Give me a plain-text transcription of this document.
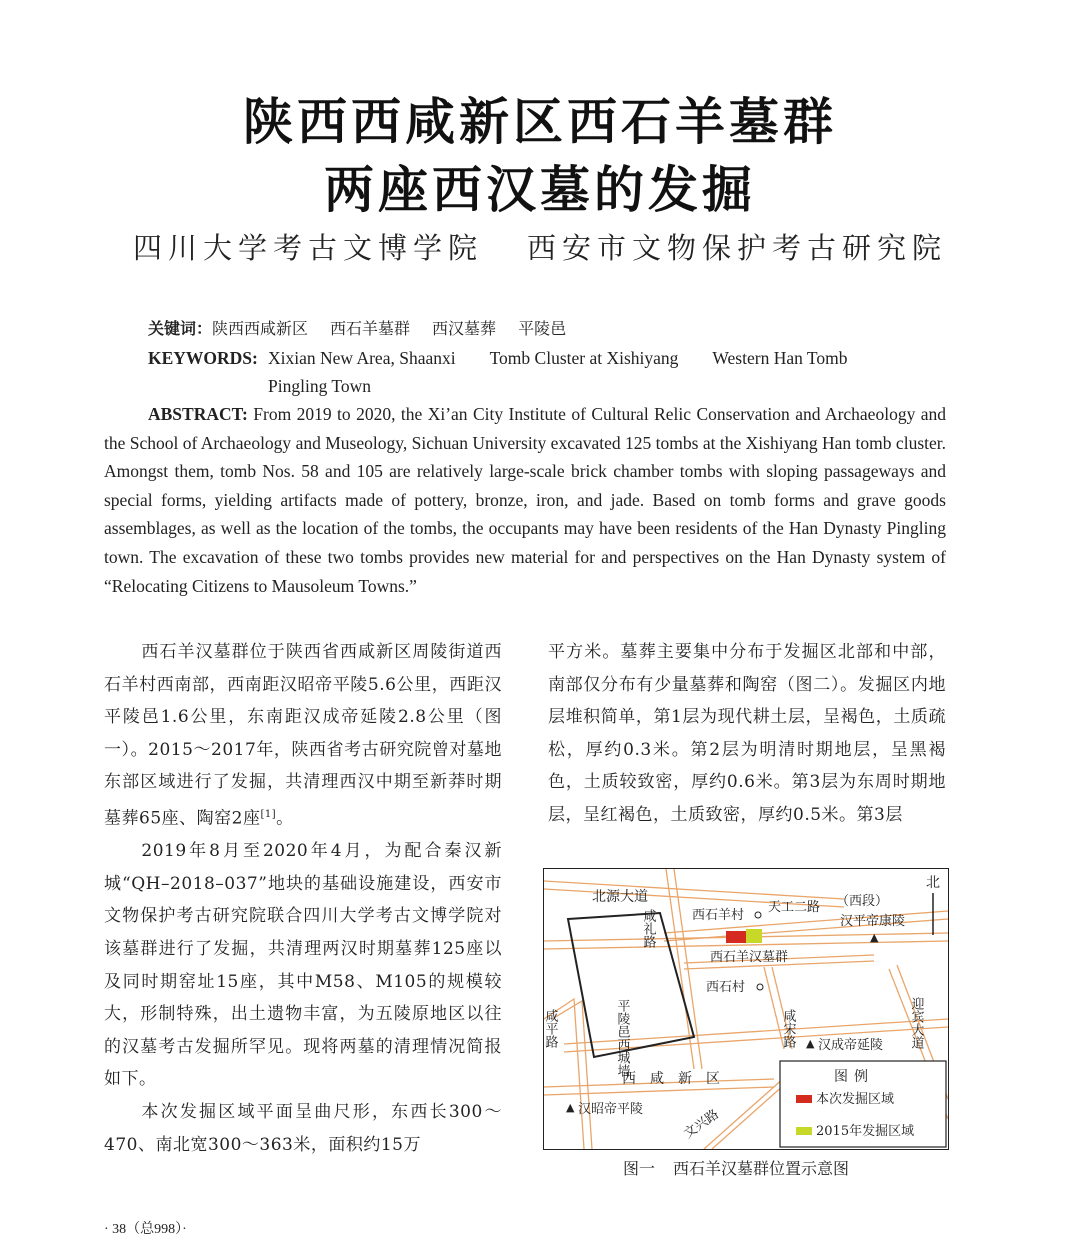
陕西西咸新区西石羊墓群
两座西汉墓的发掘
四川大学考古文博学院 西安市文物保护考古研究院
关键词：陕西西咸新区 西石羊墓群 西汉墓葬 平陵邑
KEYWORDS: Xixian New Area, Shaanxi Tomb Cluster at Xishiyang Western Han TombPingling Town
ABSTRACT: From 2019 to 2020, the Xi’an City Institute of Cultural Relic Conservation and Archaeology and the School of Archaeology and Museology, Sichuan University excavated 125 tombs at the Xishiyang Han tomb cluster. Amongst them, tomb Nos. 58 and 105 are relatively large-scale brick chamber tombs with sloping passageways and special forms, yielding artifacts made of pottery, bronze, iron, and jade. Based on tomb forms and grave goods assemblages, as well as the location of the tombs, the occupants may have been residents of the Han Dynasty Pingling town. The excavation of these two tombs provides new material for and perspectives on the Han Dynasty system of “Relocating Citizens to Mausoleum Towns.”

西石羊汉墓群位于陕西省西咸新区周陵街道西石羊村西南部，西南距汉昭帝平陵5.6公里，西距汉平陵邑1.6公里，东南距汉成帝延陵2.8公里（图一）。2015～2017年，陕西省考古研究院曾对墓地东部区域进行了发掘，共清理西汉中期至新莽时期墓葬65座、陶窑2座[1]。

2019年8月至2020年4月，为配合秦汉新城“QH–2018–037”地块的基础设施建设，西安市文物保护考古研究院联合四川大学考古文博学院对该墓群进行了发掘，共清理两汉时期墓葬125座以及同时期窑址15座，其中M58、M105的规模较大，形制特殊，出土遗物丰富，为五陵原地区以往的汉墓考古发掘所罕见。现将两墓的清理情况简报如下。

本次发掘区域平面呈曲尺形，东西长300～470、南北宽300～363米，面积约15万

平方米。墓葬主要集中分布于发掘区北部和中部，南部仅分布有少量墓葬和陶窑（图二）。发掘区内地层堆积简单，第1层为现代耕土层，呈褐色，土质疏松，厚约0.3米。第2层为明清时期地层，呈黑褐色，土质较致密，厚约0.6米。第3层为东周时期地层，呈红褐色，土质致密，厚约0.5米。第3层

北
北源大道
西石羊村
天工二路 （西段）
汉平帝康陵
▲
西石羊汉墓群
西石村
平陵邑西城墙
咸礼路
咸平路	咸宋路	迎宾大道
▲ 汉成帝延陵
西咸新区
▲ 汉昭帝平陵	文兴路
图例
本次发掘区域
2015年发掘区域
图一 西石羊汉墓群位置示意图
· 38（总998）·
